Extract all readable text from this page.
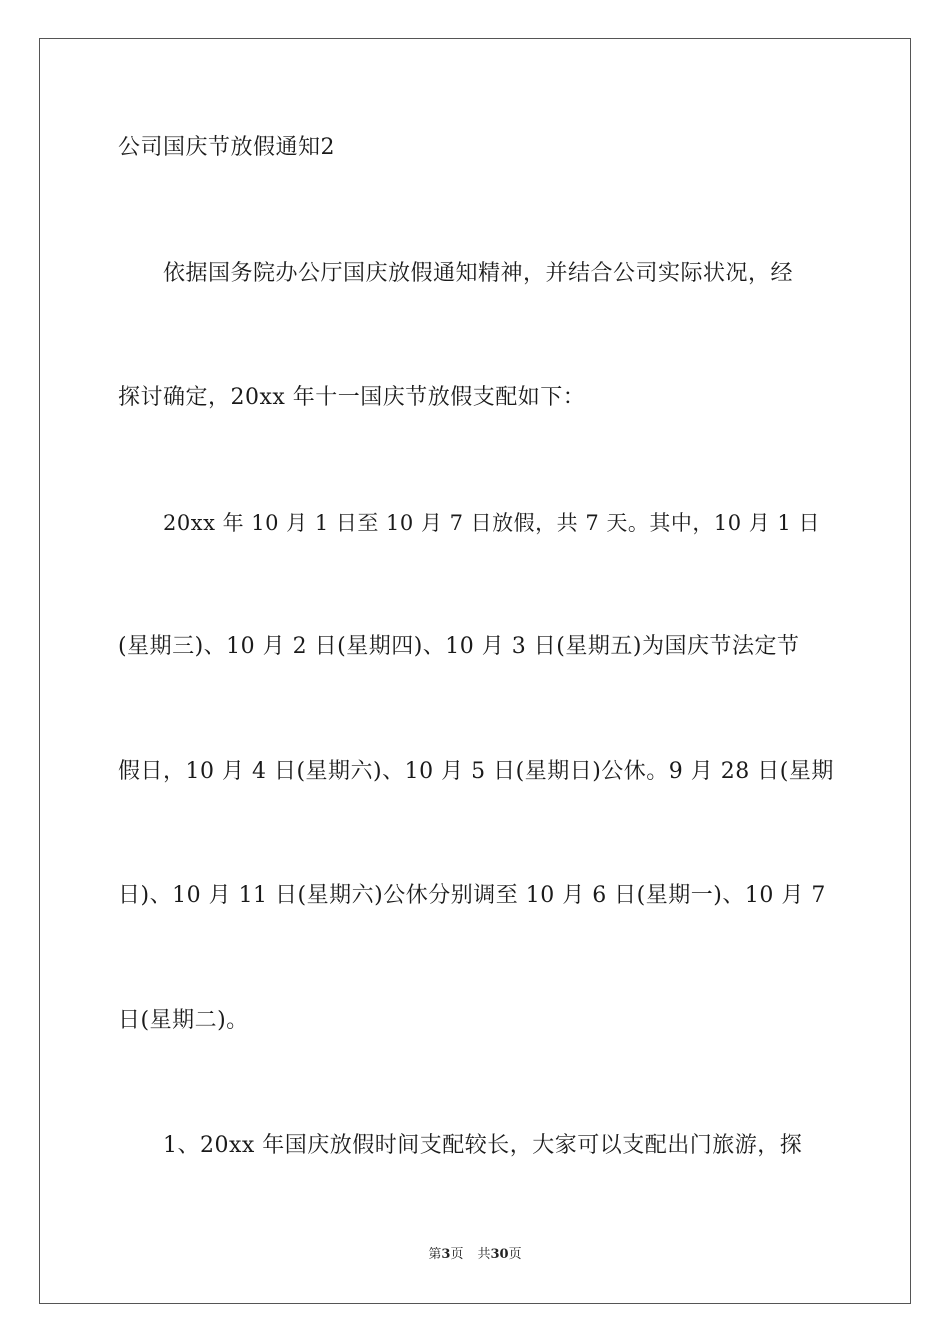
公司国庆节放假通知2
依据国务院办公厅国庆放假通知精神，并结合公司实际状况，经
探讨确定，20xx 年十一国庆节放假支配如下：
20xx 年 10 月 1 日至 10 月 7 日放假，共 7 天。其中，10 月 1 日
(星期三)、10 月 2 日(星期四)、10 月 3 日(星期五)为国庆节法定节
假日，10 月 4 日(星期六)、10 月 5 日(星期日)公休。9 月 28 日(星期
日)、10 月 11 日(星期六)公休分别调至 10 月 6 日(星期一)、10 月 7
日(星期二)。
1、20xx 年国庆放假时间支配较长，大家可以支配出门旅游，探
第3页 共30页
